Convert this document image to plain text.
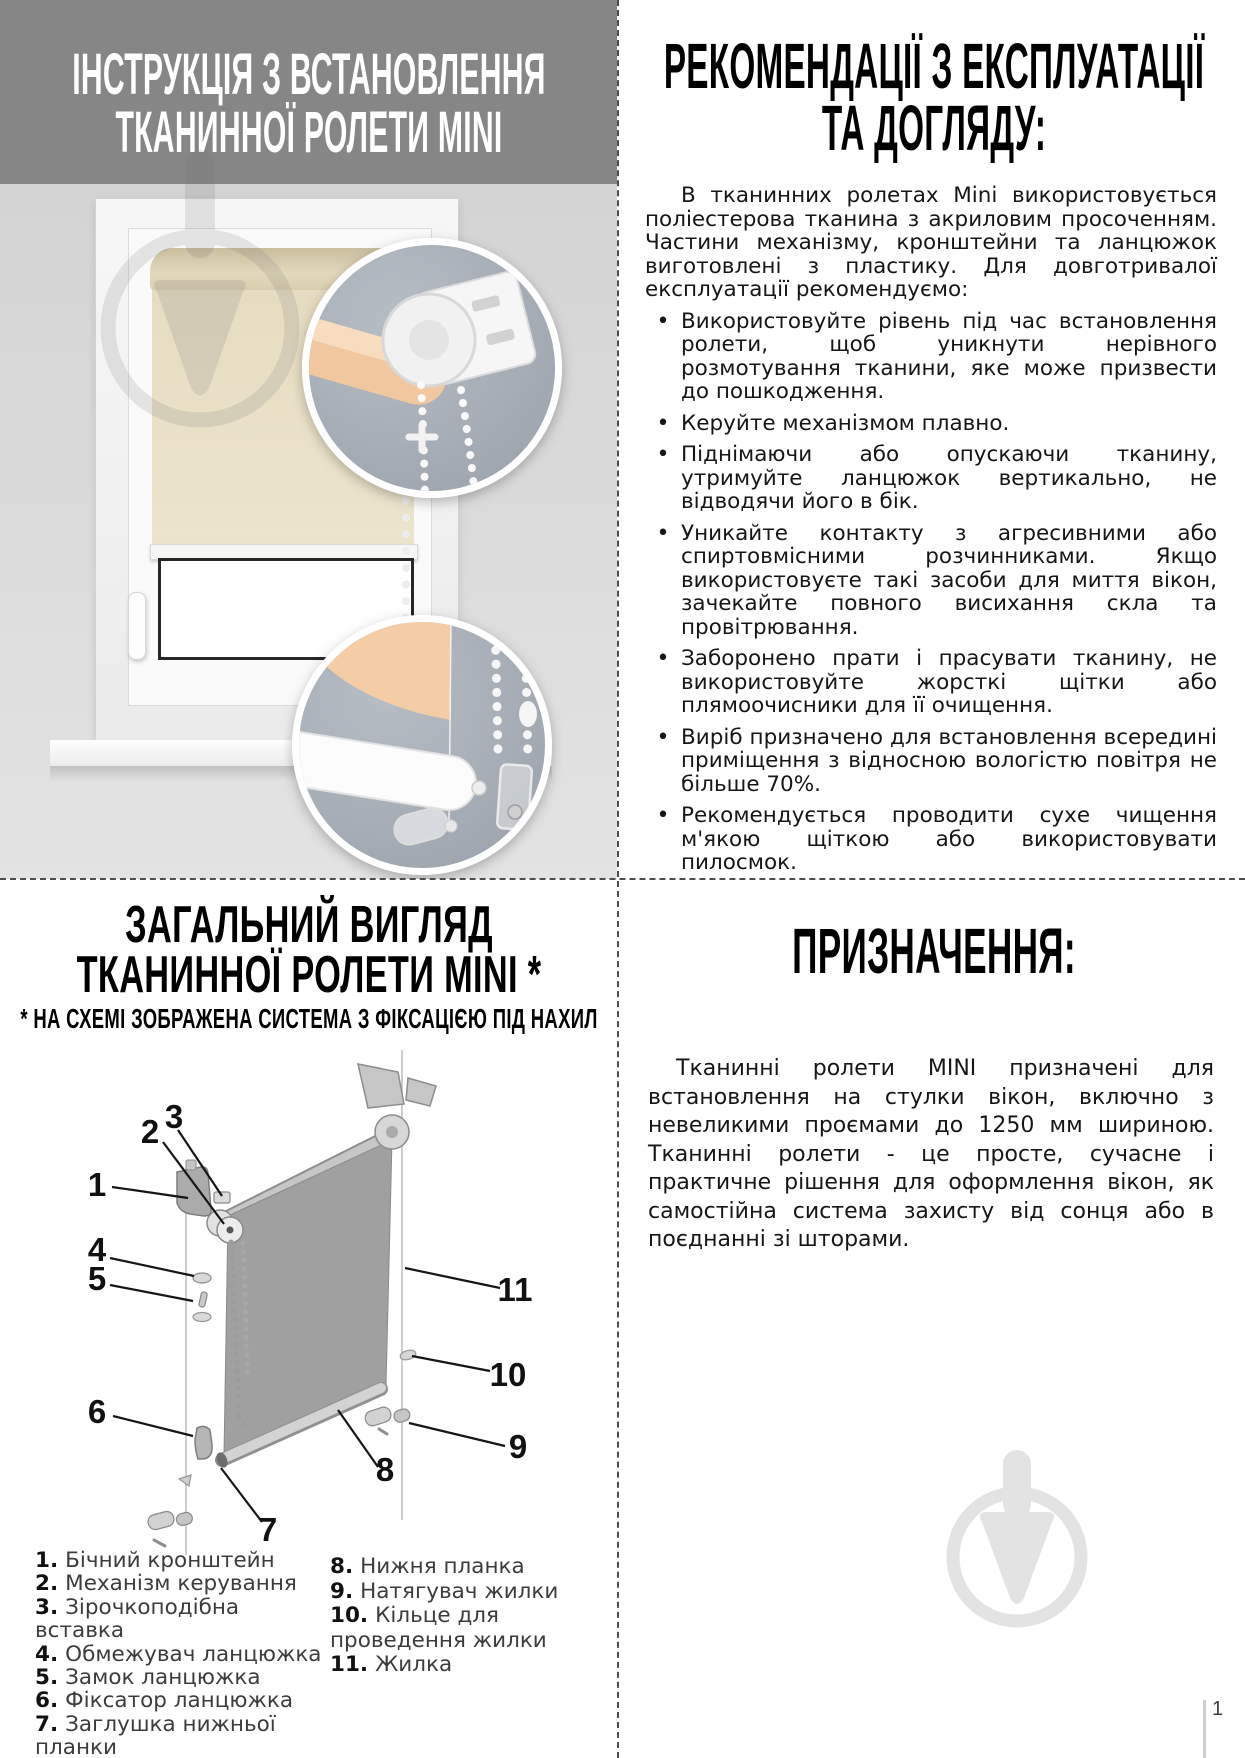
ІНСТРУКЦІЯ З ВСТАНОВЛЕННЯ
ТКАНИННОЇ РОЛЕТИ MINI
РЕКОМЕНДАЦІЇ З ЕКСПЛУАТАЦІЇ
ТА ДОГЛЯДУ:

В тканинних ролетах Mini використовується поліестерова тканина з акриловим просоченням. Частини механізму, кронштейни та ланцюжок виготовлені з пластику. Для довготривалої експлуатації рекомендуємо:

• Використовуйте рівень під час встановлення ролети, щоб уникнути нерівного розмотування тканини, яке може призвести до пошкодження.

• Керуйте механізмом плавно.

• Піднімаючи або опускаючи тканину, утримуйте ланцюжок вертикально, не відводячи його в бік.

• Уникайте контакту з агресивними або спиртовмісними розчинниками. Якщо використовуєте такі засоби для миття вікон, зачекайте повного висихання скла та провітрювання.

• Заборонено прати і прасувати тканину, не використовуйте жорсткі щітки або плямоочисники для її очищення.

• Виріб призначено для встановлення всередині приміщення з відносною вологістю повітря не більше 70%.

• Рекомендується проводити сухе чищення м'якою щіткою або використовувати пилосмок.

ЗАГАЛЬНИЙ ВИГЛЯД
ТКАНИННОЇ РОЛЕТИ MINI *
* НА СХЕМІ ЗОБРАЖЕНА СИСТЕМА З ФІКСАЦІЄЮ ПІД НАХИЛ
1
2 3
4
5
6
7
8
9
10
11
1. Бічний кронштейн
2. Механізм керування
3. Зірочкоподібна вставка
4. Обмежувач ланцюжка
5. Замок ланцюжка
6. Фіксатор ланцюжка
7. Заглушка нижньої планки
8. Нижня планка
9. Натягувач жилки
10. Кільце для проведення жилки
11. Жилка
ПРИЗНАЧЕННЯ:

Тканинні ролети MINI призначені для встановлення на стулки вікон, включно з невеликими проємами до 1250 мм шириною. Тканинні ролети - це просте, сучасне і практичне рішення для оформлення вікон, як самостійна система захисту від сонця або в поєднанні зі шторами.

1
